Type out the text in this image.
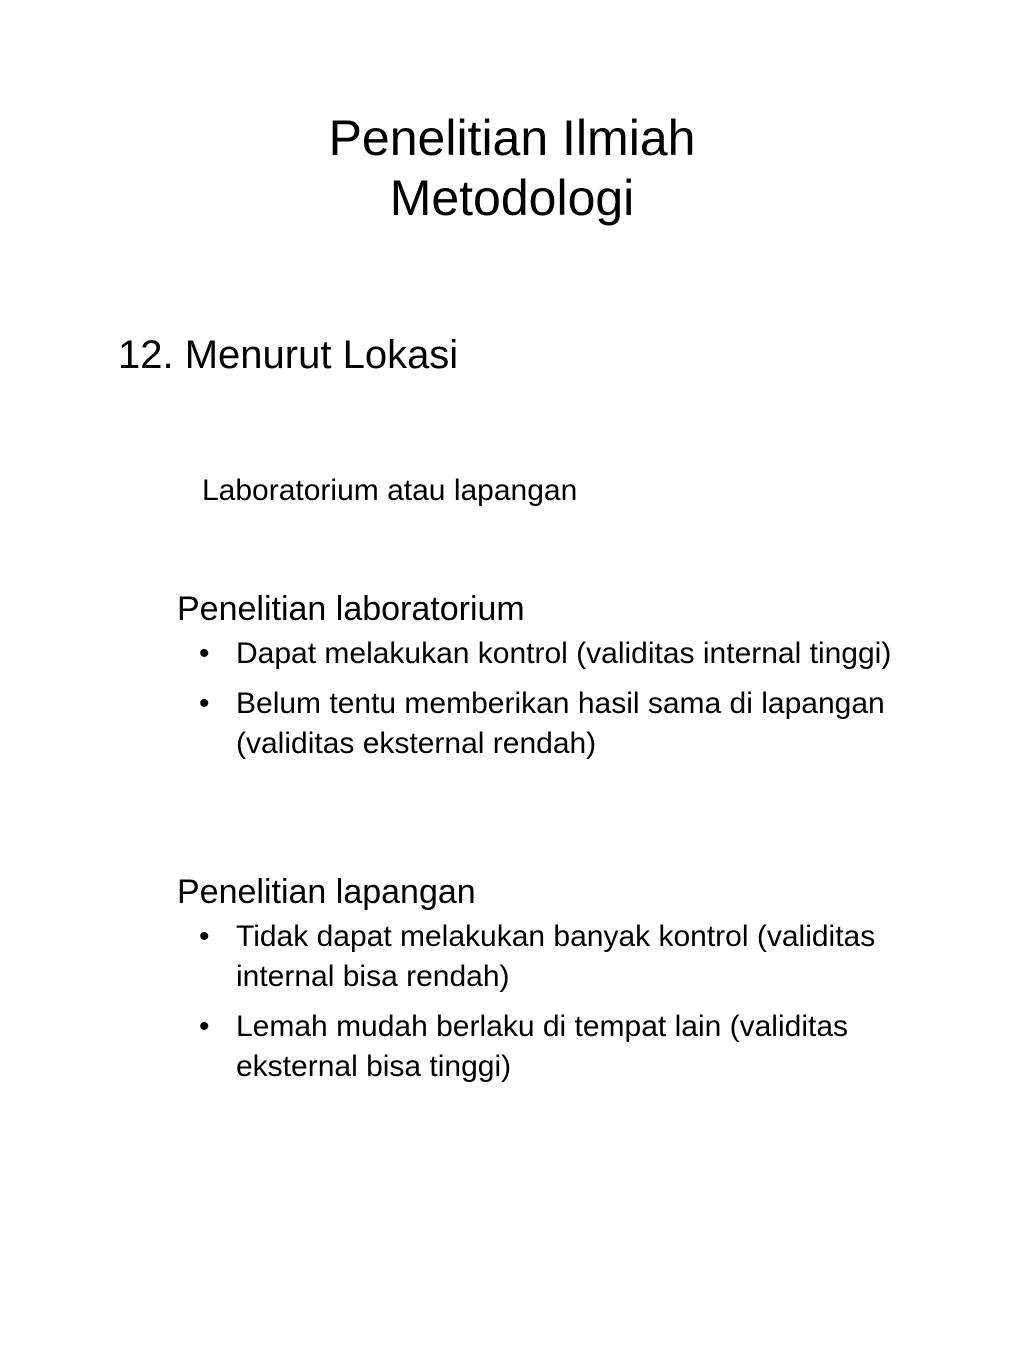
Penelitian Ilmiah
Metodologi
12. Menurut Lokasi
Laboratorium atau lapangan
Penelitian laboratorium
• Dapat melakukan kontrol (validitas internal tinggi)
• Belum tentu memberikan hasil sama di lapangan (validitas eksternal rendah)
Penelitian lapangan
• Tidak dapat melakukan banyak kontrol (validitas internal bisa rendah)
• Lemah mudah berlaku di tempat lain (validitas eksternal bisa tinggi)
